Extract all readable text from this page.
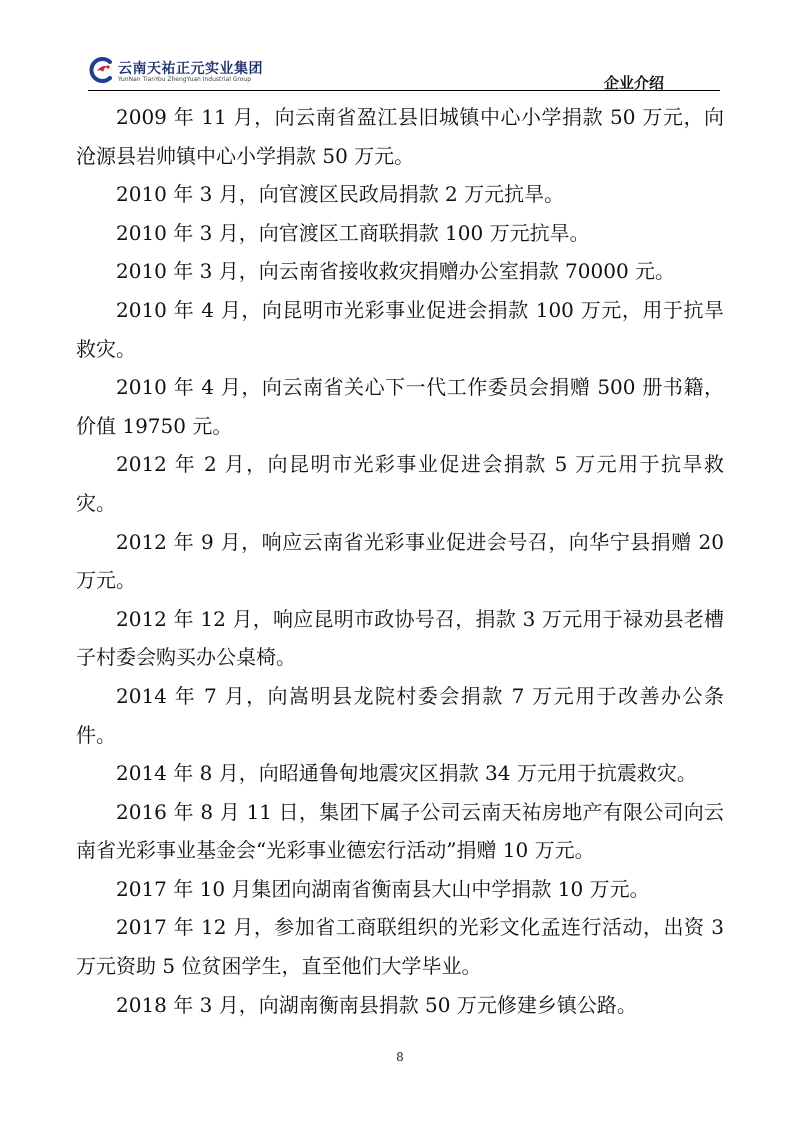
云南天祐正元实业集团
YunNan TianYou ZhengYuan Industrial Group	企业介绍

2009 年 11 月，向云南省盈江县旧城镇中心小学捐款 50 万元，向沧源县岩帅镇中心小学捐款 50 万元。

2010 年 3 月，向官渡区民政局捐款 2 万元抗旱。

2010 年 3 月，向官渡区工商联捐款 100 万元抗旱。

2010 年 3 月，向云南省接收救灾捐赠办公室捐款 70000 元。

2010 年 4 月，向昆明市光彩事业促进会捐款 100 万元，用于抗旱救灾。

2010 年 4 月，向云南省关心下一代工作委员会捐赠 500 册书籍，价值 19750 元。

2012 年 2 月，向昆明市光彩事业促进会捐款 5 万元用于抗旱救灾。

2012 年 9 月，响应云南省光彩事业促进会号召，向华宁县捐赠 20 万元。

2012 年 12 月，响应昆明市政协号召，捐款 3 万元用于禄劝县老槽子村委会购买办公桌椅。

2014 年 7 月，向嵩明县龙院村委会捐款 7 万元用于改善办公条件。

2014 年 8 月，向昭通鲁甸地震灾区捐款 34 万元用于抗震救灾。

2016 年 8 月 11 日，集团下属子公司云南天祐房地产有限公司向云南省光彩事业基金会“光彩事业德宏行活动”捐赠 10 万元。

2017 年 10 月集团向湖南省衡南县大山中学捐款 10 万元。

2017 年 12 月，参加省工商联组织的光彩文化孟连行活动，出资 3 万元资助 5 位贫困学生，直至他们大学毕业。

2018 年 3 月，向湖南衡南县捐款 50 万元修建乡镇公路。

8
